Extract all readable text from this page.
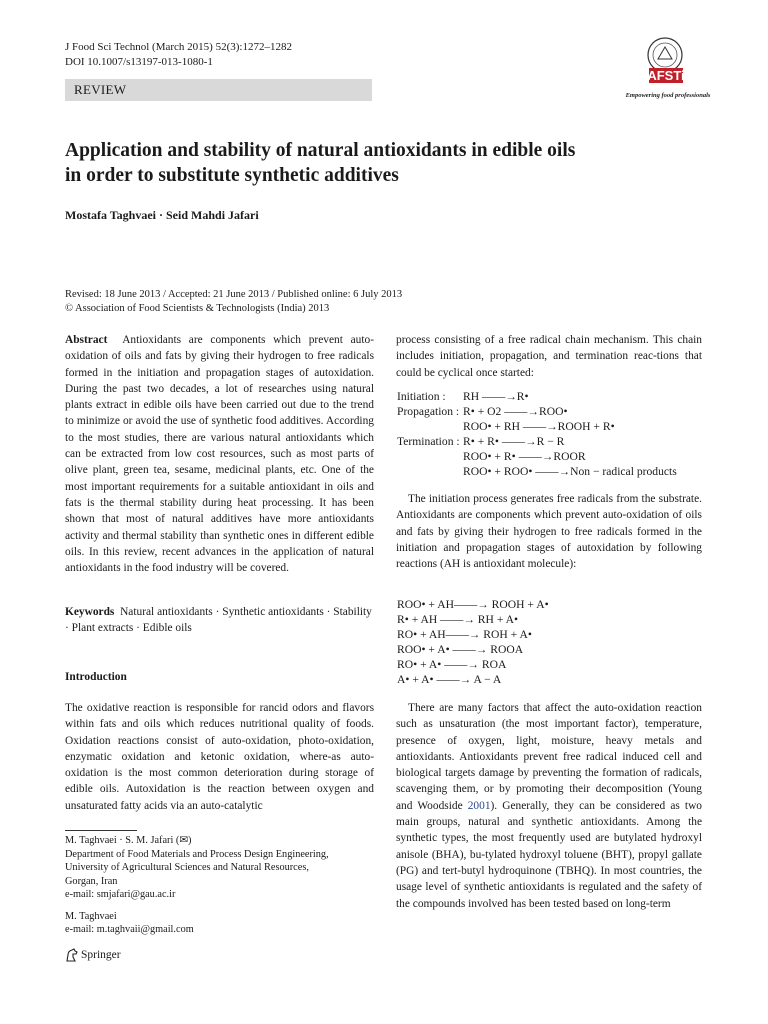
J Food Sci Technol (March 2015) 52(3):1272–1282
DOI 10.1007/s13197-013-1080-1
REVIEW
AFSTi
Empowering food professionals
Application and stability of natural antioxidants in edible oils
in order to substitute synthetic additives
Mostafa Taghvaei · Seid Mahdi Jafari
Revised: 18 June 2013 / Accepted: 21 June 2013 / Published online: 6 July 2013
© Association of Food Scientists & Technologists (India) 2013

Abstract Antioxidants are components which prevent auto-oxidation of oils and fats by giving their hydrogen to free radicals formed in the initiation and propagation stages of autoxidation. During the past two decades, a lot of researches using natural plants extract in edible oils have been carried out due to the trend to minimize or avoid the use of synthetic food additives. According to the most studies, there are various natural antioxidants which can be extracted from low cost resources, such as most parts of olive plant, green tea, sesame, medicinal plants, etc. One of the most important requirements for a suitable antioxidant in oils and fats is the thermal stability during heat processing. It has been shown that most of natural additives have more antioxidants activity and thermal stability than synthetic ones in different edible oils. In this review, recent advances in the application of natural antioxidants in the food industry will be covered.

Keywords Natural antioxidants · Synthetic antioxidants · Stability · Plant extracts · Edible oils

Introduction

The oxidative reaction is responsible for rancid odors and flavors within fats and oils which reduces nutritional quality of foods. Oxidation reactions consist of auto-oxidation, photo-oxidation, enzymatic oxidation and ketonic oxidation, where-as auto-oxidation is the most common deterioration during storage of edible oils. Autoxidation is the reaction between oxygen and unsaturated fatty acids via an auto-catalytic

M. Taghvaei · S. M. Jafari (✉)
Department of Food Materials and Process Design Engineering,
University of Agricultural Sciences and Natural Resources,
Gorgan, Iran
e-mail: smjafari@gau.ac.ir
M. Taghvaei
e-mail: m.taghvaii@gmail.com
Springer

process consisting of a free radical chain mechanism. This chain includes initiation, propagation, and termination reac-tions that could be cyclical once started:

Initiation : RH ——→R•
Propagation : R• + O2 ——→ROO•
ROO• + RH ——→ROOH + R•
Termination : R• + R• ——→R − R
ROO• + R• ——→ROOR
ROO• + ROO• ——→Non − radical products

The initiation process generates free radicals from the substrate. Antioxidants are components which prevent auto-oxidation of oils and fats by giving their hydrogen to free radicals formed in the initiation and propagation stages of autoxidation by following reactions (AH is antioxidant molecule):

ROO• + AH——→ ROOH + A•
R• + AH ——→ RH + A•
RO• + AH——→ ROH + A•
ROO• + A• ——→ ROOA
RO• + A• ——→ ROA
A• + A• ——→ A − A

There are many factors that affect the auto-oxidation reaction such as unsaturation (the most important factor), temperature, presence of oxygen, light, moisture, heavy metals and antioxidants. Antioxidants prevent free radical induced cell and biological targets damage by preventing the formation of radicals, scavenging them, or by promoting their decomposition (Young and Woodside 2001). Generally, they can be considered as two main groups, natural and synthetic antioxidants. Among the synthetic types, the most frequently used are butylated hydroxyl anisole (BHA), bu-tylated hydroxyl toluene (BHT), propyl gallate (PG) and tert-butyl hydroquinone (TBHQ). In most countries, the usage level of synthetic antioxidants is regulated and the safety of the compounds involved has been tested based on long-term
